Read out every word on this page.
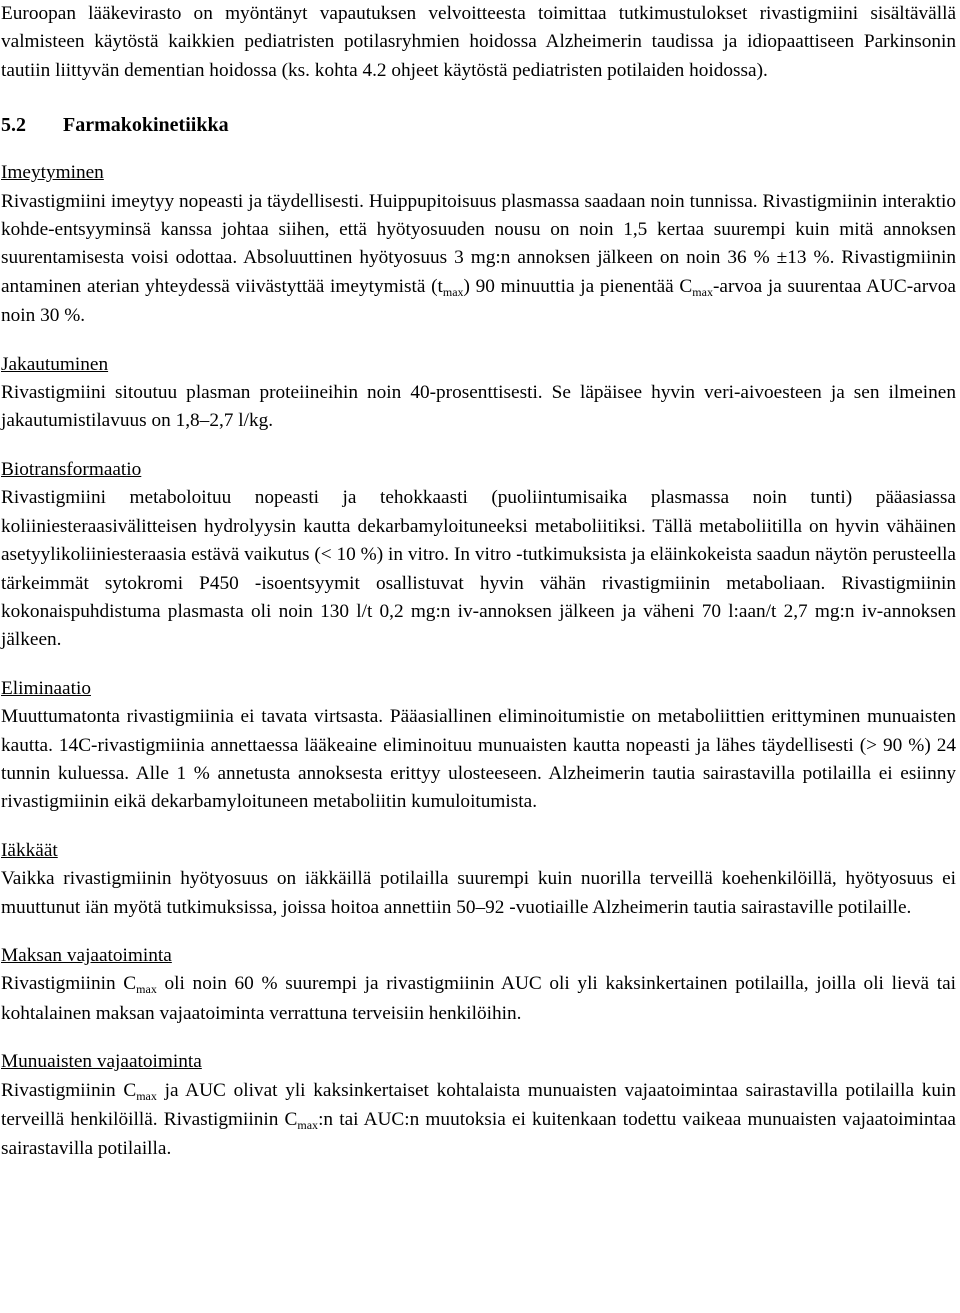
Euroopan lääkevirasto on myöntänyt vapautuksen velvoitteesta toimittaa tutkimustulokset rivastigmiini sisältävällä valmisteen käytöstä kaikkien pediatristen potilasryhmien hoidossa Alzheimerin taudissa ja idiopaattiseen Parkinsonin tautiin liittyvän dementian hoidossa (ks. kohta 4.2 ohjeet käytöstä pediatristen potilaiden hoidossa).

5.2 Farmakokinetiikka

Imeytyminen

Rivastigmiini imeytyy nopeasti ja täydellisesti. Huippupitoisuus plasmassa saadaan noin tunnissa. Rivastigmiinin interaktio kohde-entsyyminsä kanssa johtaa siihen, että hyötyosuuden nousu on noin 1,5 kertaa suurempi kuin mitä annoksen suurentamisesta voisi odottaa. Absoluuttinen hyötyosuus 3 mg:n annoksen jälkeen on noin 36 % ±13 %. Rivastigmiinin antaminen aterian yhteydessä viivästyttää imeytymistä $(t_{max})$ 90 minuuttia ja pienentää $C_{max}$-arvoa ja suurentaa AUC-arvoa noin 30 %.

Jakautuminen

Rivastigmiini sitoutuu plasman proteiineihin noin 40-prosenttisesti. Se läpäisee hyvin veri-aivoesteen ja sen ilmeinen jakautumistilavuus on 1,8–2,7 l/kg.

Biotransformaatio

Rivastigmiini metaboloituu nopeasti ja tehokkaasti (puoliintumisaika plasmassa noin tunti) pääasiassa koliiniesteraasivälitteisen hydrolyysin kautta dekarbamyloituneeksi metaboliitiksi. Tällä metaboliitilla on hyvin vähäinen asetyylikoliiniesteraasia estävä vaikutus (< 10 %) in vitro. In vitro -tutkimuksista ja eläinkokeista saadun näytön perusteella tärkeimmät sytokromi P450 -isoentsyymit osallistuvat hyvin vähän rivastigmiinin metaboliaan. Rivastigmiinin kokonaispuhdistuma plasmasta oli noin 130 l/t 0,2 mg:n iv-annoksen jälkeen ja väheni 70 l:aan/t 2,7 mg:n iv-annoksen jälkeen.

Eliminaatio

Muuttumatonta rivastigmiinia ei tavata virtsasta. Pääasiallinen eliminoitumistie on metaboliittien erittyminen munuaisten kautta. 14C-rivastigmiinia annettaessa lääkeaine eliminoituu munuaisten kautta nopeasti ja lähes täydellisesti (> 90 %) 24 tunnin kuluessa. Alle 1 % annetusta annoksesta erittyy ulosteeseen. Alzheimerin tautia sairastavilla potilailla ei esiinny rivastigmiinin eikä dekarbamyloituneen metaboliitin kumuloitumista.

Iäkkäät

Vaikka rivastigmiinin hyötyosuus on iäkkäillä potilailla suurempi kuin nuorilla terveillä koehenkilöillä, hyötyosuus ei muuttunut iän myötä tutkimuksissa, joissa hoitoa annettiin 50–92 -vuotiaille Alzheimerin tautia sairastaville potilaille.

Maksan vajaatoiminta

Rivastigmiinin $C_{max}$ oli noin 60 % suurempi ja rivastigmiinin AUC oli yli kaksinkertainen potilailla, joilla oli lievä tai kohtalainen maksan vajaatoiminta verrattuna terveisiin henkilöihin.

Munuaisten vajaatoiminta

Rivastigmiinin $C_{max}$ ja AUC olivat yli kaksinkertaiset kohtalaista munuaisten vajaatoimintaa sairastavilla potilailla kuin terveillä henkilöillä. Rivastigmiinin $C_{max}:n$ tai AUC:n muutoksia ei kuitenkaan todettu vaikeaa munuaisten vajaatoimintaa sairastavilla potilailla.
